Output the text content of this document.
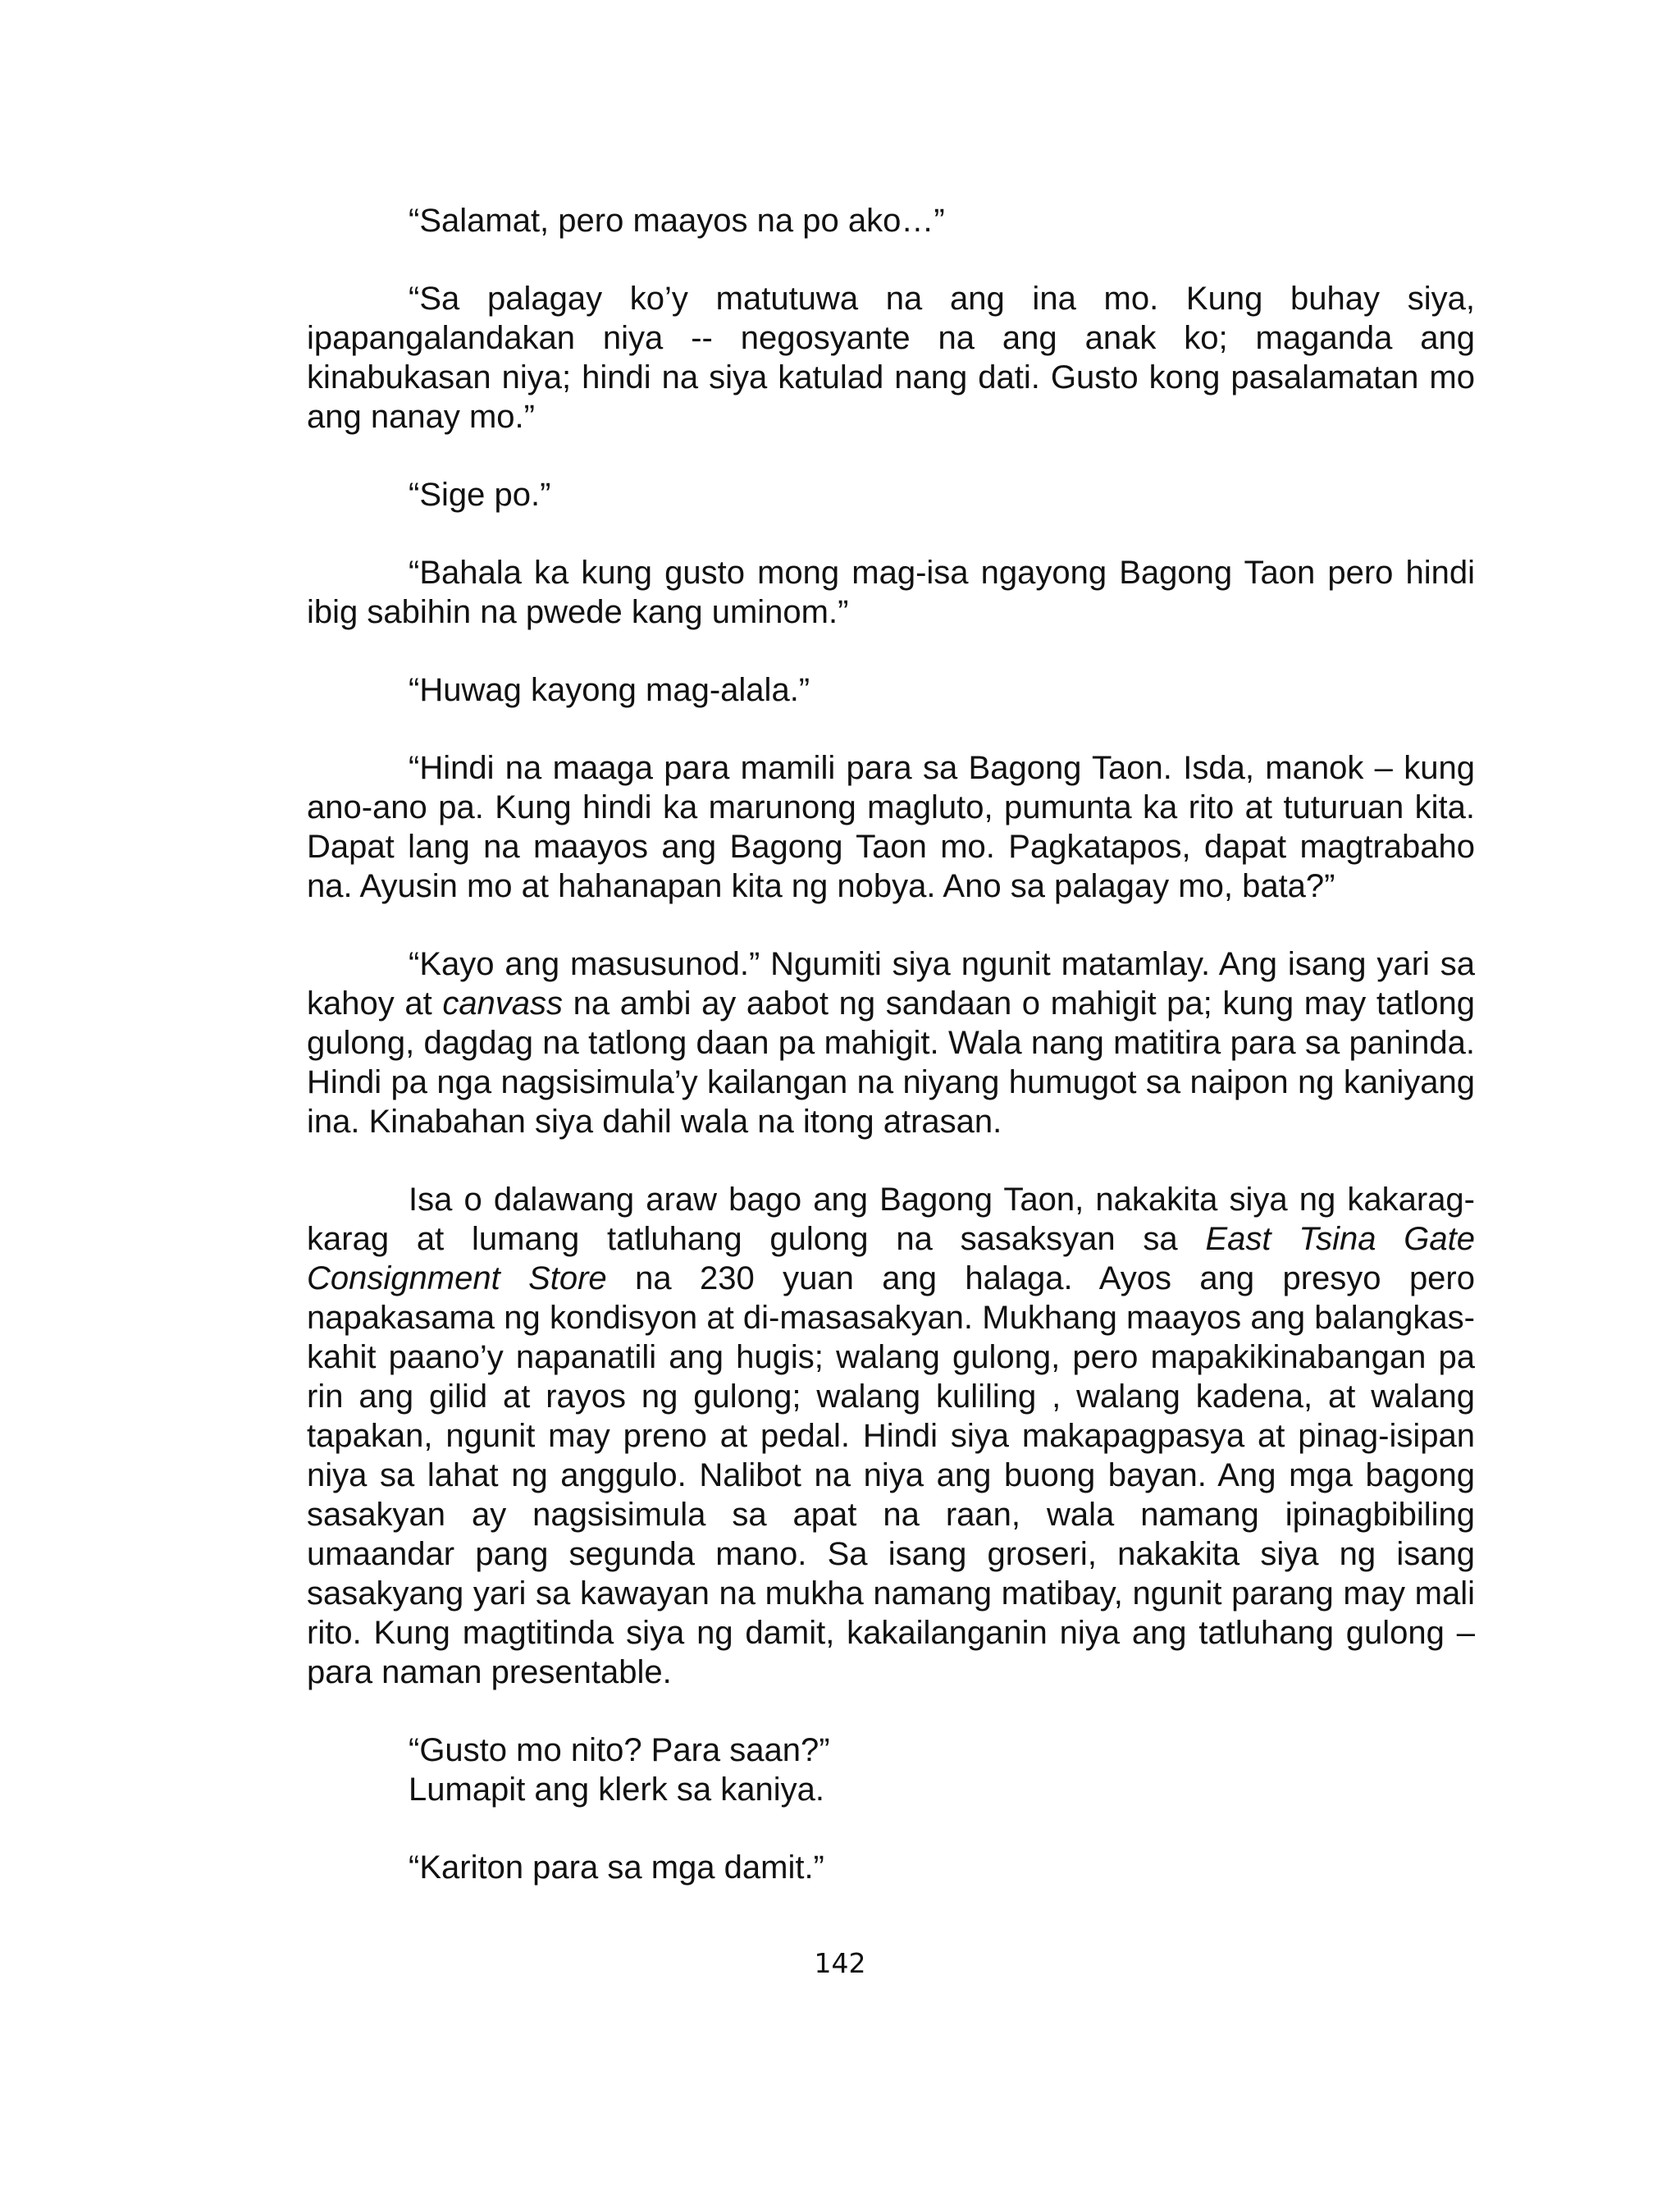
“Salamat, pero maayos na po ako…”

“Sa palagay ko’y matutuwa na ang ina mo. Kung buhay siya, ipapangalandakan niya -- negosyante na ang anak ko; maganda ang kinabukasan niya; hindi na siya katulad nang dati. Gusto kong pasalamatan mo ang nanay mo.”

“Sige po.”

“Bahala ka kung gusto mong mag-isa ngayong Bagong Taon pero hindi ibig sabihin na pwede kang uminom.”

“Huwag kayong mag-alala.”

“Hindi na maaga para mamili para sa Bagong Taon. Isda, manok – kung ano-ano pa. Kung hindi ka marunong magluto, pumunta ka rito at tuturuan kita. Dapat lang na maayos ang Bagong Taon mo. Pagkatapos, dapat magtrabaho na. Ayusin mo at hahanapan kita ng nobya. Ano sa palagay mo, bata?”

“Kayo ang masusunod.” Ngumiti siya ngunit matamlay. Ang isang yari sa kahoy at canvass na ambi ay aabot ng sandaan o mahigit pa; kung may tatlong gulong, dagdag na tatlong daan pa mahigit. Wala nang matitira para sa paninda. Hindi pa nga nagsisimula’y kailangan na niyang humugot sa naipon ng kaniyang ina. Kinabahan siya dahil wala na itong atrasan.

Isa o dalawang araw bago ang Bagong Taon, nakakita siya ng kakarag-karag at lumang tatluhang gulong na sasaksyan sa East Tsina Gate Consignment Store na 230 yuan ang halaga. Ayos ang presyo pero napakasama ng kondisyon at di-masasakyan. Mukhang maayos ang balangkas- kahit paano’y napanatili ang hugis; walang gulong, pero mapakikinabangan pa rin ang gilid at rayos ng gulong; walang kuliling , walang kadena, at walang tapakan, ngunit may preno at pedal. Hindi siya makapagpasya at pinag-isipan niya sa lahat ng anggulo. Nalibot na niya ang buong bayan. Ang mga bagong sasakyan ay nagsisimula sa apat na raan, wala namang ipinagbibiling umaandar pang segunda mano. Sa isang groseri, nakakita siya ng isang sasakyang yari sa kawayan na mukha namang matibay, ngunit parang may mali rito. Kung magtitinda siya ng damit, kakailanganin niya ang tatluhang gulong – para naman presentable.

“Gusto mo nito? Para saan?”

Lumapit ang klerk sa kaniya.

“Kariton para sa mga damit.”

142
